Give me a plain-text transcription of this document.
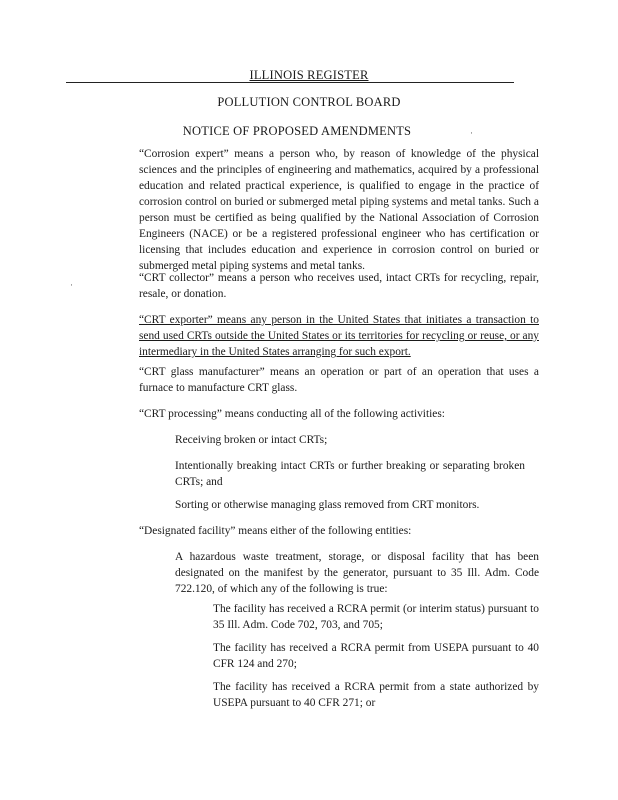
ILLINOIS REGISTER
POLLUTION CONTROL BOARD
NOTICE OF PROPOSED AMENDMENTS
“Corrosion expert” means a person who, by reason of knowledge of the physical sciences and the principles of engineering and mathematics, acquired by a professional education and related practical experience, is qualified to engage in the practice of corrosion control on buried or submerged metal piping systems and metal tanks. Such a person must be certified as being qualified by the National Association of Corrosion Engineers (NACE) or be a registered professional engineer who has certification or licensing that includes education and experience in corrosion control on buried or submerged metal piping systems and metal tanks.
“CRT collector” means a person who receives used, intact CRTs for recycling, repair, resale, or donation.
“CRT exporter” means any person in the United States that initiates a transaction to send used CRTs outside the United States or its territories for recycling or reuse, or any intermediary in the United States arranging for such export.
“CRT glass manufacturer” means an operation or part of an operation that uses a furnace to manufacture CRT glass.
“CRT processing” means conducting all of the following activities:
Receiving broken or intact CRTs;
Intentionally breaking intact CRTs or further breaking or separating broken CRTs; and
Sorting or otherwise managing glass removed from CRT monitors.
“Designated facility” means either of the following entities:
A hazardous waste treatment, storage, or disposal facility that has been designated on the manifest by the generator, pursuant to 35 Ill. Adm. Code 722.120, of which any of the following is true:
The facility has received a RCRA permit (or interim status) pursuant to 35 Ill. Adm. Code 702, 703, and 705;
The facility has received a RCRA permit from USEPA pursuant to 40 CFR 124 and 270;
The facility has received a RCRA permit from a state authorized by USEPA pursuant to 40 CFR 271; or
·
·
